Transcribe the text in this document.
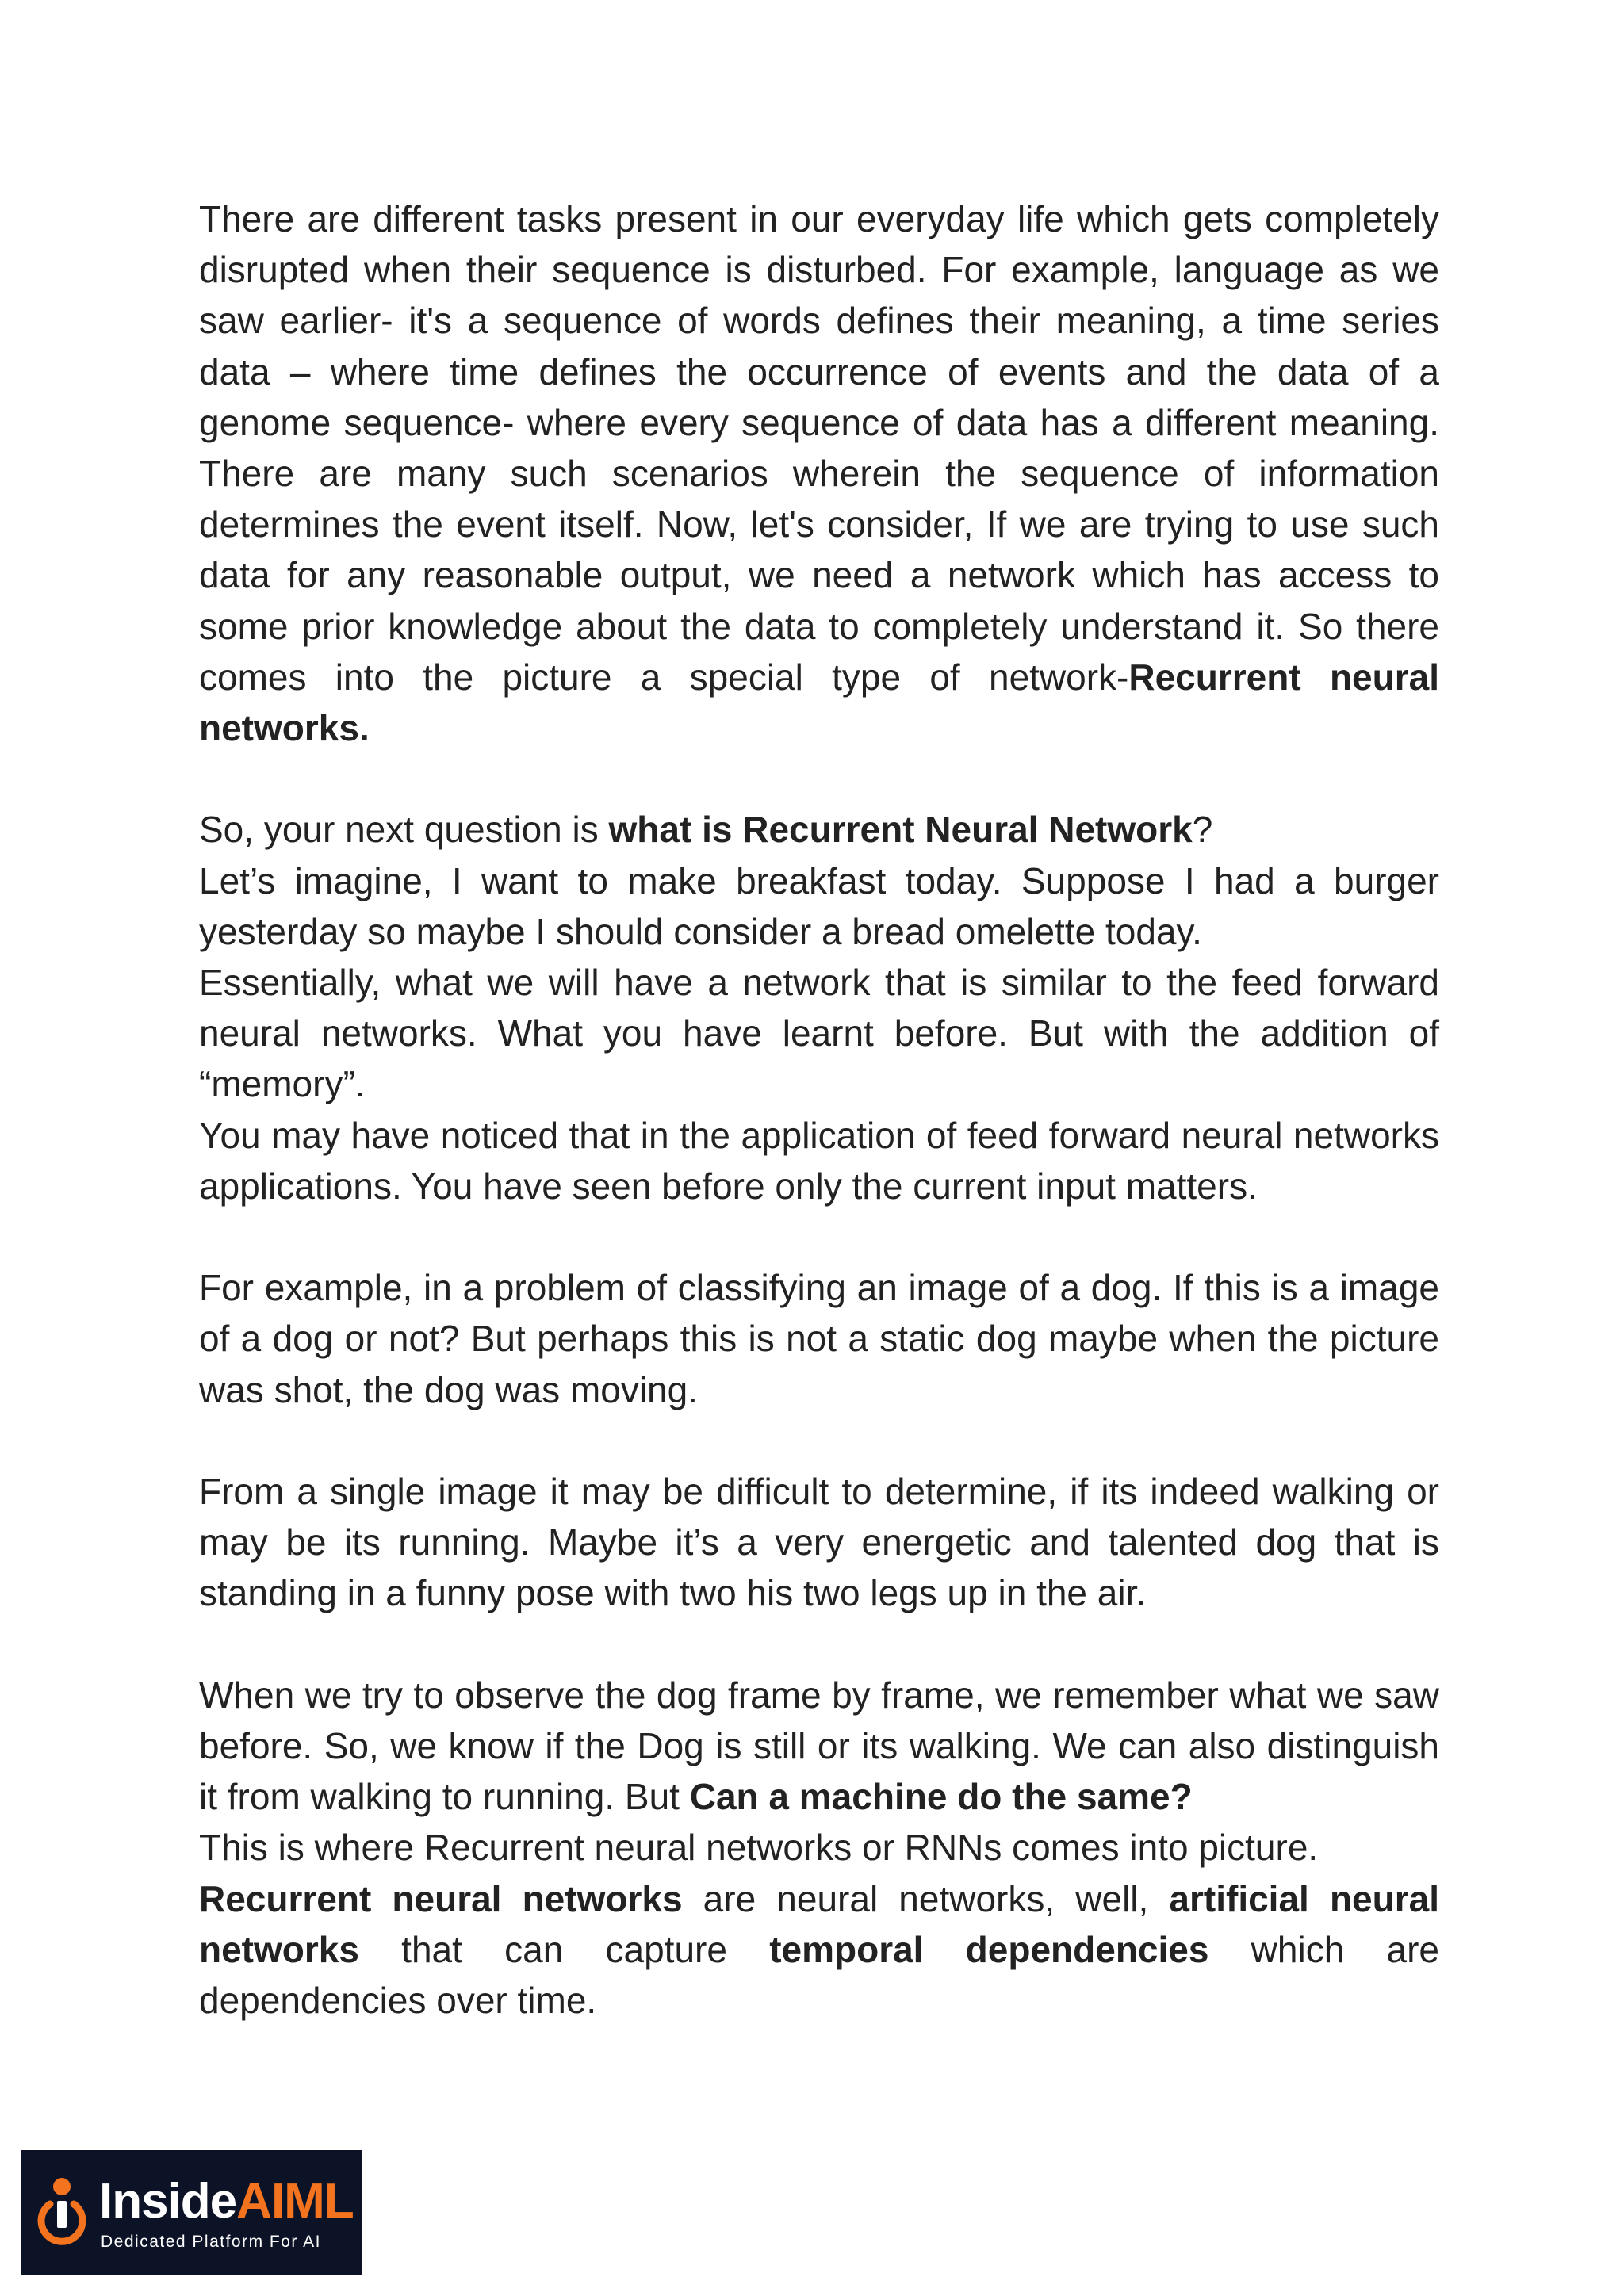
There are different tasks present in our everyday life which gets completely disrupted when their sequence is disturbed. For example, language as we saw earlier- it's a sequence of words defines their meaning, a time series data – where time defines the occurrence of events and the data of a genome sequence- where every sequence of data has a different meaning. There are many such scenarios wherein the sequence of information determines the event itself. Now, let's consider, If we are trying to use such data for any reasonable output, we need a network which has access to some prior knowledge about the data to completely understand it. So there comes into the picture a special type of network-Recurrent neural networks.

So, your next question is what is Recurrent Neural Network?

Let’s imagine, I want to make breakfast today. Suppose I had a burger yesterday so maybe I should consider a bread omelette today.

Essentially, what we will have a network that is similar to the feed forward neural networks. What you have learnt before. But with the addition of “memory”.

You may have noticed that in the application of feed forward neural networks applications. You have seen before only the current input matters.

For example, in a problem of classifying an image of a dog. If this is a image of a dog or not? But perhaps this is not a static dog maybe when the picture was shot, the dog was moving.

From a single image it may be difficult to determine, if its indeed walking or may be its running. Maybe it’s a very energetic and talented dog that is standing in a funny pose with two his two legs up in the air.

When we try to observe the dog frame by frame, we remember what we saw before. So, we know if the Dog is still or its walking. We can also distinguish it from walking to running. But Can a machine do the same?

This is where Recurrent neural networks or RNNs comes into picture.

Recurrent neural networks are neural networks, well, artificial neural networks that can capture temporal dependencies which are dependencies over time.

InsideAIML
Dedicated Platform For AI
